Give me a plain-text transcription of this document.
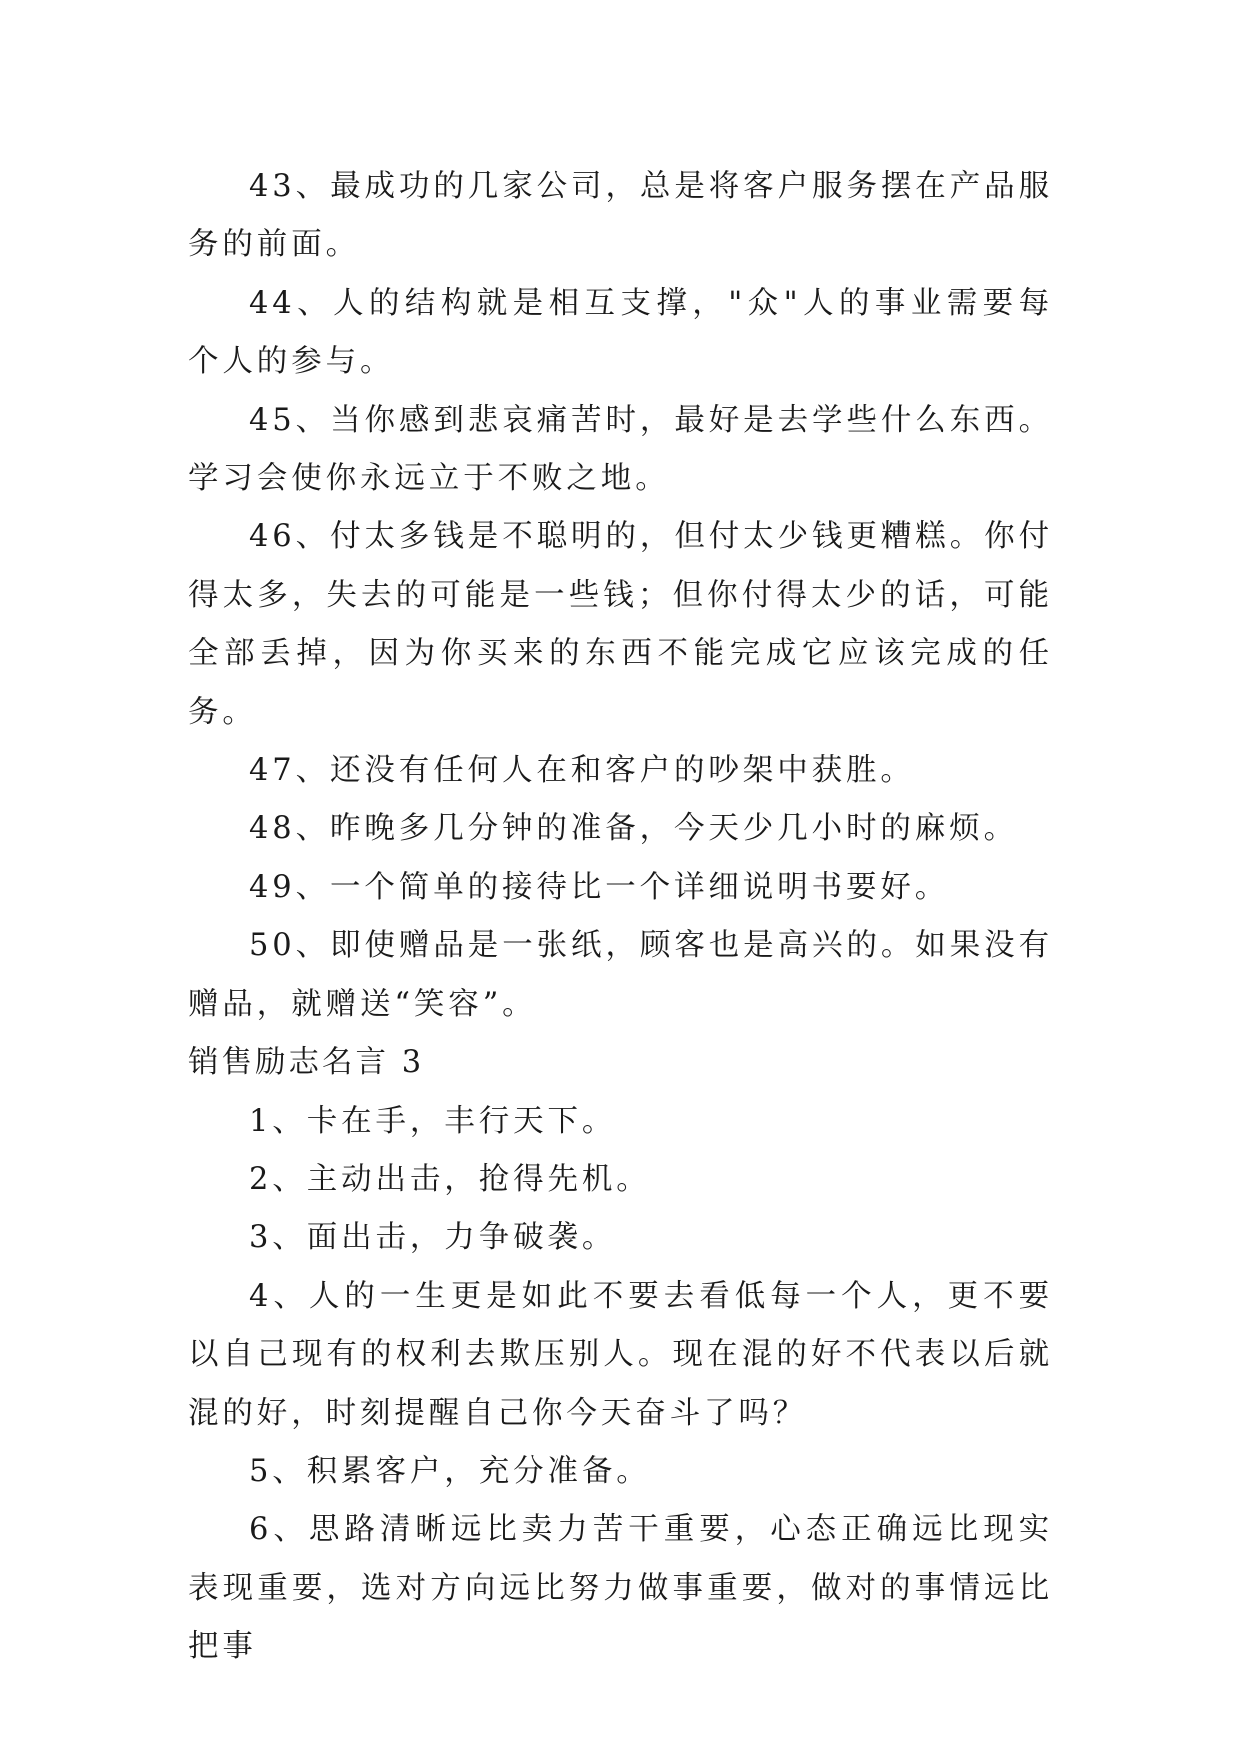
43、最成功的几家公司，总是将客户服务摆在产品服务的前面。

44、人的结构就是相互支撑，"众"人的事业需要每个人的参与。

45、当你感到悲哀痛苦时，最好是去学些什么东西。学习会使你永远立于不败之地。

46、付太多钱是不聪明的，但付太少钱更糟糕。你付得太多，失去的可能是一些钱；但你付得太少的话，可能全部丢掉，因为你买来的东西不能完成它应该完成的任务。

47、还没有任何人在和客户的吵架中获胜。

48、昨晚多几分钟的准备，今天少几小时的麻烦。

49、一个简单的接待比一个详细说明书要好。

50、即使赠品是一张纸，顾客也是高兴的。如果没有赠品，就赠送“笑容”。

销售励志名言 3

1、卡在手，丰行天下。

2、主动出击，抢得先机。

3、面出击，力争破袭。

4、人的一生更是如此不要去看低每一个人，更不要以自己现有的权利去欺压别人。现在混的好不代表以后就混的好，时刻提醒自己你今天奋斗了吗？

5、积累客户，充分准备。

6、思路清晰远比卖力苦干重要，心态正确远比现实表现重要，选对方向远比努力做事重要，做对的事情远比把事
